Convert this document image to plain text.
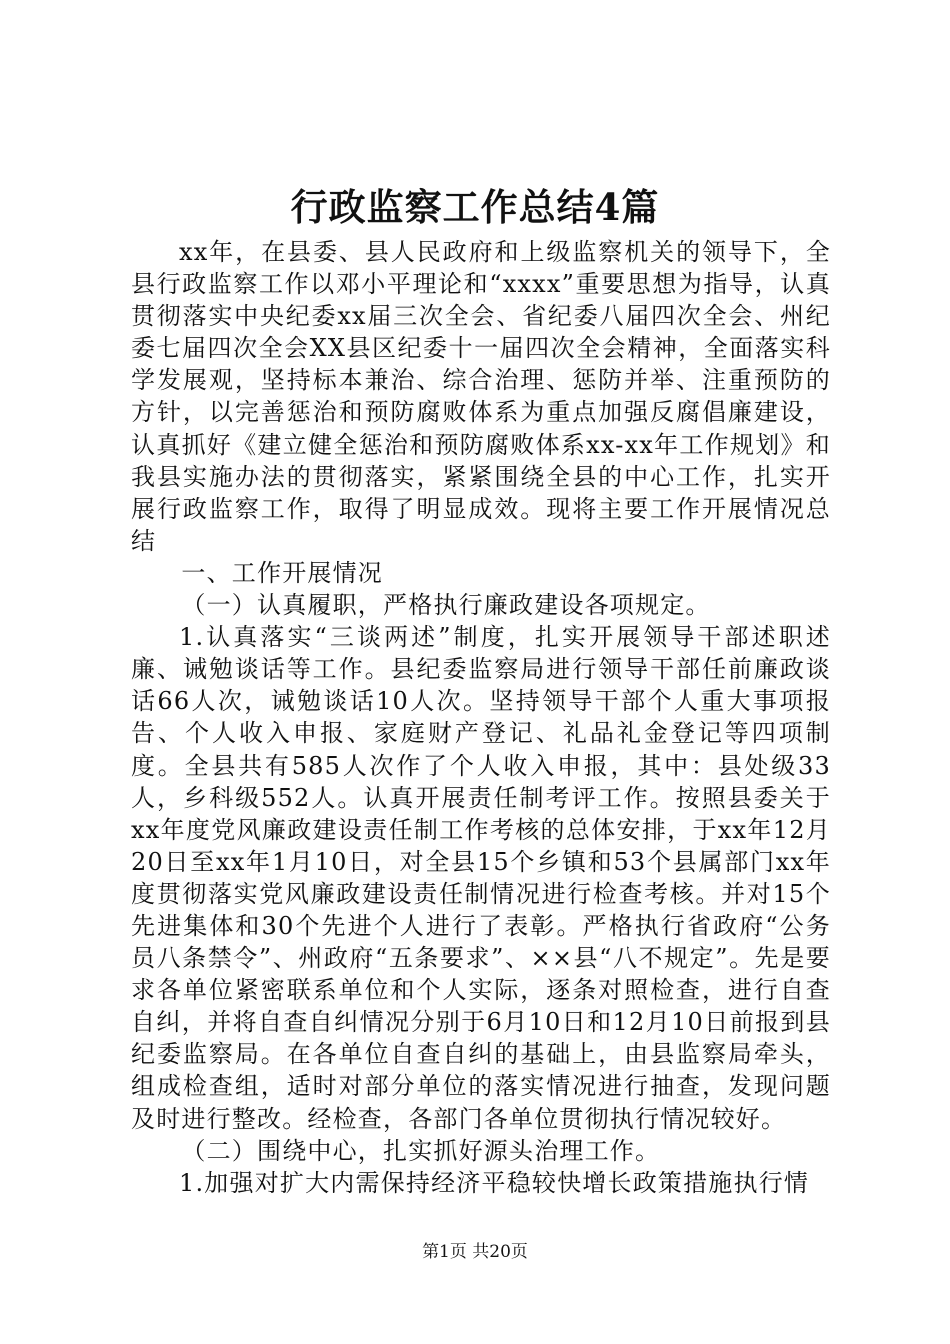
行政监察工作总结4篇

xx年，在县委、县人民政府和上级监察机关的领导下，全县行政监察工作以邓小平理论和“xxxx”重要思想为指导，认真贯彻落实中央纪委xx届三次全会、省纪委八届四次全会、州纪委七届四次全会XX县区纪委十一届四次全会精神，全面落实科学发展观，坚持标本兼治、综合治理、惩防并举、注重预防的方针，以完善惩治和预防腐败体系为重点加强反腐倡廉建设，认真抓好《建立健全惩治和预防腐败体系xx-xx年工作规划》和我县实施办法的贯彻落实，紧紧围绕全县的中心工作，扎实开展行政监察工作，取得了明显成效。现将主要工作开展情况总结

一、工作开展情况

（一）认真履职，严格执行廉政建设各项规定。

1.认真落实“三谈两述”制度，扎实开展领导干部述职述廉、诫勉谈话等工作。县纪委监察局进行领导干部任前廉政谈话66人次，诫勉谈话10人次。坚持领导干部个人重大事项报告、个人收入申报、家庭财产登记、礼品礼金登记等四项制度。全县共有585人次作了个人收入申报，其中：县处级33人，乡科级552人。认真开展责任制考评工作。按照县委关于xx年度党风廉政建设责任制工作考核的总体安排，于xx年12月20日至xx年1月10日，对全县15个乡镇和53个县属部门xx年度贯彻落实党风廉政建设责任制情况进行检查考核。并对15个先进集体和30个先进个人进行了表彰。严格执行省政府“公务员八条禁令”、州政府“五条要求”、××县“八不规定”。先是要求各单位紧密联系单位和个人实际，逐条对照检查，进行自查自纠，并将自查自纠情况分别于6月10日和12月10日前报到县纪委监察局。在各单位自查自纠的基础上，由县监察局牵头，组成检查组，适时对部分单位的落实情况进行抽查，发现问题及时进行整改。经检查，各部门各单位贯彻执行情况较好。

（二）围绕中心，扎实抓好源头治理工作。

1.加强对扩大内需保持经济平稳较快增长政策措施执行情

第1页 共20页
